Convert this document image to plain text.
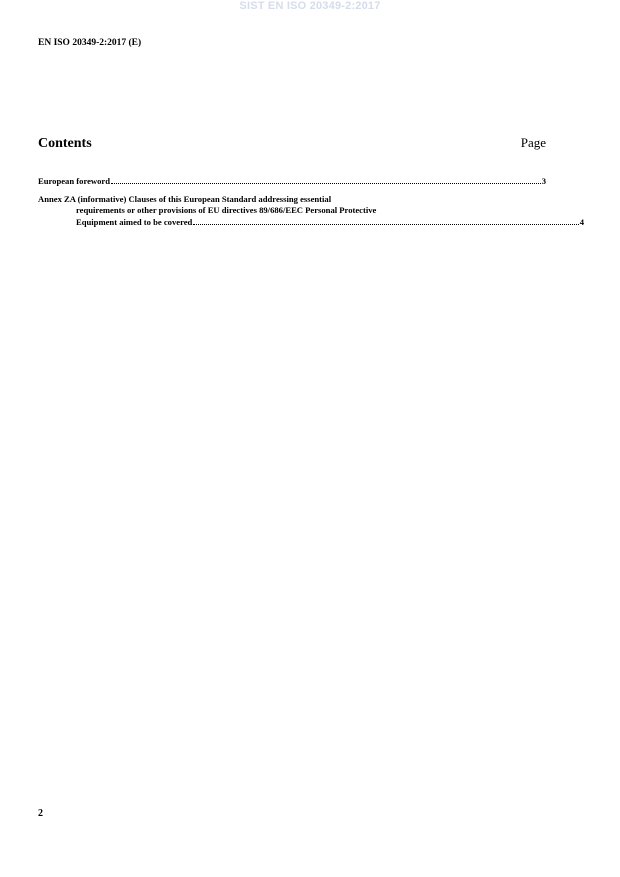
SIST EN ISO 20349-2:2017
EN ISO 20349-2:2017 (E)
Contents	Page
European foreword	3
Annex ZA (informative) Clauses of this European Standard addressing essential
requirements or other provisions of EU directives 89/686/EEC Personal Protective
Equipment aimed to be covered	4
2
